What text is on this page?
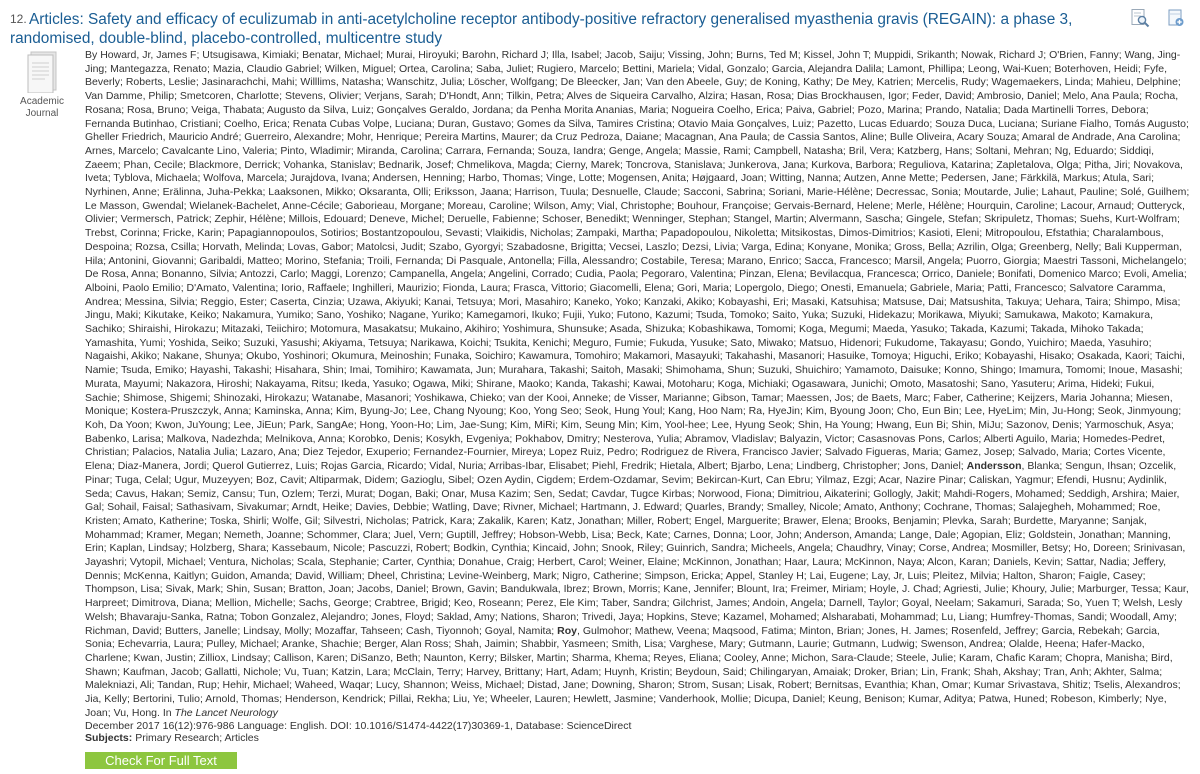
Articles: Safety and efficacy of eculizumab in anti-acetylcholine receptor antibody-positive refractory generalised myasthenia gravis (REGAIN): a phase 3, randomised, double-blind, placebo-controlled, multicentre study
12.
Academic Journal

By Howard, Jr, James F; Utsugisawa, Kimiaki; Benatar, Michael; Murai, Hiroyuki; Barohn, Richard J; Illa, Isabel; Jacob, Saiju; Vissing, John; Burns, Ted M; Kissel, John T; Muppidi, Srikanth; Nowak, Richard J; O'Brien, Fanny; Wang, Jing-Jing; Mantegazza, Renato; Mazia, Claudio Gabriel; Wilken, Miguel; Ortea, Carolina; Saba, Juliet; Rugiero, Marcelo; Bettini, Mariela; Vidal, Gonzalo; Garcia, Alejandra Dalila; Lamont, Phillipa; Leong, Wai-Kuen; Boterhoven, Heidi; Fyfe, Beverly; Roberts, Leslie; Jasinarachchi, Mahi; Willlims, Natasha; Wanschitz, Julia; Löscher, Wolfgang; De Bleecker, Jan; Van den Abeele, Guy; de Koning, Kathy; De Mey, Katrien; Mercelis, Rudy; Wagemaekers, Linda; Mahieu, Delphine; Van Damme, Philip; Smetcoren, Charlotte; Stevens, Olivier; Verjans, Sarah; D'Hondt, Ann; Tilkin, Petra; Alves de Siqueira Carvalho, Alzira; Hasan, Rosa; Dias Brockhausen, Igor; Feder, David; Ambrosio, Daniel; Melo, Ana Paula; Rocha, Rosana; Rosa, Bruno; Veiga, Thabata; Augusto da Silva, Luiz; Gonçalves Geraldo, Jordana; da Penha Morita Ananias, Maria; Nogueira Coelho, Erica; Paiva, Gabriel; Pozo, Marina; Prando, Natalia; Dada Martinelli Torres, Debora; Fernanda Butinhao, Cristiani; Coelho, Erica; Renata Cubas Volpe, Luciana; Duran, Gustavo; Gomes da Silva, Tamires Cristina; Otavio Maia Gonçalves, Luiz; Pazetto, Lucas Eduardo; Souza Duca, Luciana; Suriane Fialho, Tomás Augusto; Gheller Friedrich, Mauricio André; Guerreiro, Alexandre; Mohr, Henrique; Pereira Martins, Maurer; da Cruz Pedroza, Daiane; Macagnan, Ana Paula; de Cassia Santos, Aline; Bulle Oliveira, Acary Souza; Amaral de Andrade, Ana Carolina; Arnes, Marcelo; Cavalcante Lino, Valeria; Pinto, Wladimir; Miranda, Carolina; Carrara, Fernanda; Souza, Iandra; Genge, Angela; Massie, Rami; Campbell, Natasha; Bril, Vera; Katzberg, Hans; Soltani, Mehran; Ng, Eduardo; Siddiqi, Zaeem; Phan, Cecile; Blackmore, Derrick; Vohanka, Stanislav; Bednarik, Josef; Chmelikova, Magda; Cierny, Marek; Toncrova, Stanislava; Junkerova, Jana; Kurkova, Barbora; Reguliova, Katarina; Zapletalova, Olga; Pitha, Jiri; Novakova, Iveta; Tyblova, Michaela; Wolfova, Marcela; Jurajdova, Ivana; Andersen, Henning; Harbo, Thomas; Vinge, Lotte; Mogensen, Anita; Højgaard, Joan; Witting, Nanna; Autzen, Anne Mette; Pedersen, Jane; Färkkilä, Markus; Atula, Sari; Nyrhinen, Anne; Erälinna, Juha-Pekka; Laaksonen, Mikko; Oksaranta, Olli; Eriksson, Jaana; Harrison, Tuula; Desnuelle, Claude; Sacconi, Sabrina; Soriani, Marie-Hélène; Decressac, Sonia; Moutarde, Julie; Lahaut, Pauline; Solé, Guilhem; Le Masson, Gwendal; Wielanek-Bachelet, Anne-Cécile; Gaborieau, Morgane; Moreau, Caroline; Wilson, Amy; Vial, Christophe; Bouhour, Françoise; Gervais-Bernard, Helene; Merle, Hélène; Hourquin, Caroline; Lacour, Arnaud; Outteryck, Olivier; Vermersch, Patrick; Zephir, Hélène; Millois, Edouard; Deneve, Michel; Deruelle, Fabienne; Schoser, Benedikt; Wenninger, Stephan; Stangel, Martin; Alvermann, Sascha; Gingele, Stefan; Skripuletz, Thomas; Suehs, Kurt-Wolfram; Trebst, Corinna; Fricke, Karin; Papagiannopoulos, Sotirios; Bostantzopoulou, Sevasti; Vlaikidis, Nicholas; Zampaki, Martha; Papadopoulou, Nikoletta; Mitsikostas, Dimos-Dimitrios; Kasioti, Eleni; Mitropoulou, Efstathia; Charalambous, Despoina; Rozsa, Csilla; Horvath, Melinda; Lovas, Gabor; Matolcsi, Judit; Szabo, Gyorgyi; Szabadosne, Brigitta; Vecsei, Laszlo; Dezsi, Livia; Varga, Edina; Konyane, Monika; Gross, Bella; Azrilin, Olga; Greenberg, Nelly; Bali Kupperman, Hila; Antonini, Giovanni; Garibaldi, Matteo; Morino, Stefania; Troili, Fernanda; Di Pasquale, Antonella; Filla, Alessandro; Costabile, Teresa; Marano, Enrico; Sacca, Francesco; Marsil, Angela; Puorro, Giorgia; Maestri Tassoni, Michelangelo; De Rosa, Anna; Bonanno, Silvia; Antozzi, Carlo; Maggi, Lorenzo; Campanella, Angela; Angelini, Corrado; Cudia, Paola; Pegoraro, Valentina; Pinzan, Elena; Bevilacqua, Francesca; Orrico, Daniele; Bonifati, Domenico Marco; Evoli, Amelia; Alboini, Paolo Emilio; D'Amato, Valentina; Iorio, Raffaele; Inghilleri, Maurizio; Fionda, Laura; Frasca, Vittorio; Giacomelli, Elena; Gori, Maria; Lopergolo, Diego; Onesti, Emanuela; Gabriele, Maria; Patti, Francesco; Salvatore Caramma, Andrea; Messina, Silvia; Reggio, Ester; Caserta, Cinzia; Uzawa, Akiyuki; Kanai, Tetsuya; Mori, Masahiro; Kaneko, Yoko; Kanzaki, Akiko; Kobayashi, Eri; Masaki, Katsuhisa; Matsuse, Dai; Matsushita, Takuya; Uehara, Taira; Shimpo, Misa; Jingu, Maki; Kikutake, Keiko; Nakamura, Yumiko; Sano, Yoshiko; Nagane, Yuriko; Kamegamori, Ikuko; Fujii, Yuko; Futono, Kazumi; Tsuda, Tomoko; Saito, Yuka; Suzuki, Hidekazu; Morikawa, Miyuki; Samukawa, Makoto; Kamakura, Sachiko; Shiraishi, Hirokazu; Mitazaki, Teiichiro; Motomura, Masakatsu; Mukaino, Akihiro; Yoshimura, Shunsuke; Asada, Shizuka; Kobashikawa, Tomomi; Koga, Megumi; Maeda, Yasuko; Takada, Kazumi; Takada, Mihoko Takada; Yamashita, Yumi; Yoshida, Seiko; Suzuki, Yasushi; Akiyama, Tetsuya; Narikawa, Koichi; Tsukita, Kenichi; Meguro, Fumie; Fukuda, Yusuke; Sato, Miwako; Matsuo, Hidenori; Fukudome, Takayasu; Gondo, Yuichiro; Maeda, Yasuhiro; Nagaishi, Akiko; Nakane, Shunya; Okubo, Yoshinori; Okumura, Meinoshin; Funaka, Soichiro; Kawamura, Tomohiro; Makamori, Masayuki; Takahashi, Masanori; Hasuike, Tomoya; Higuchi, Eriko; Kobayashi, Hisako; Osakada, Kaori; Taichi, Namie; Tsuda, Emiko; Hayashi, Takashi; Hisahara, Shin; Imai, Tomihiro; Kawamata, Jun; Murahara, Takashi; Saitoh, Masaki; Shimohama, Shun; Suzuki, Shuichiro; Yamamoto, Daisuke; Konno, Shingo; Imamura, Tomomi; Inoue, Masashi; Murata, Mayumi; Nakazora, Hiroshi; Nakayama, Ritsu; Ikeda, Yasuko; Ogawa, Miki; Shirane, Maoko; Kanda, Takashi; Kawai, Motoharu; Koga, Michiaki; Ogasawara, Junichi; Omoto, Masatoshi; Sano, Yasuteru; Arima, Hideki; Fukui, Sachie; Shimose, Shigemi; Shinozaki, Hirokazu; Watanabe, Masanori; Yoshikawa, Chieko; van der Kooi, Anneke; de Visser, Marianne; Gibson, Tamar; Maessen, Jos; de Baets, Marc; Faber, Catherine; Keijzers, Maria Johanna; Miesen, Monique; Kostera-Pruszczyk, Anna; Kaminska, Anna; Kim, Byung-Jo; Lee, Chang Nyoung; Koo, Yong Seo; Seok, Hung Youl; Kang, Hoo Nam; Ra, HyeJin; Kim, Byoung Joon; Cho, Eun Bin; Lee, HyeLim; Min, Ju-Hong; Seok, Jinmyoung; Koh, Da Yoon; Kwon, JuYoung; Lee, JiEun; Park, SangAe; Hong, Yoon-Ho; Lim, Jae-Sung; Kim, MiRi; Kim, Seung Min; Kim, Yool-hee; Lee, Hyung Seok; Shin, Ha Young; Hwang, Eun Bi; Shin, MiJu; Sazonov, Denis; Yarmoschuk, Asya; Babenko, Larisa; Malkova, Nadezhda; Melnikova, Anna; Korobko, Denis; Kosykh, Evgeniya; Pokhabov, Dmitry; Nesterova, Yulia; Abramov, Vladislav; Balyazin, Victor; Casasnovas Pons, Carlos; Alberti Aguilo, Maria; Homedes-Pedret, Christian; Palacios, Natalia Julia; Lazaro, Ana; Diez Tejedor, Exuperio; Fernandez-Fournier, Mireya; Lopez Ruiz, Pedro; Rodriguez de Rivera, Francisco Javier; Salvado Figueras, Maria; Gamez, Josep; Salvado, Maria; Cortes Vicente, Elena; Diaz-Manera, Jordi; Querol Gutierrez, Luis; Rojas Garcia, Ricardo; Vidal, Nuria; Arribas-Ibar, Elisabet; Piehl, Fredrik; Hietala, Albert; Bjarbo, Lena; Lindberg, Christopher; Jons, Daniel; Andersson, Blanka; Sengun, Ihsan; Ozcelik, Pinar; Tuga, Celal; Ugur, Muzeyyen; Boz, Cavit; Altiparmak, Didem; Gazioglu, Sibel; Ozen Aydin, Cigdem; Erdem-Ozdamar, Sevim; Bekircan-Kurt, Can Ebru; Yilmaz, Ezgi; Acar, Nazire Pinar; Caliskan, Yagmur; Efendi, Husnu; Aydinlik, Seda; Cavus, Hakan; Semiz, Cansu; Tun, Ozlem; Terzi, Murat; Dogan, Baki; Onar, Musa Kazim; Sen, Sedat; Cavdar, Tugce Kirbas; Norwood, Fiona; Dimitriou, Aikaterini; Gollogly, Jakit; Mahdi-Rogers, Mohamed; Seddigh, Arshira; Maier, Gal; Sohail, Faisal; Sathasivam, Sivakumar; Arndt, Heike; Davies, Debbie; Watling, Dave; Rivner, Michael; Hartmann, J. Edward; Quarles, Brandy; Smalley, Nicole; Amato, Anthony; Cochrane, Thomas; Salajegheh, Mohammed; Roe, Kristen; Amato, Katherine; Toska, Shirli; Wolfe, Gil; Silvestri, Nicholas; Patrick, Kara; Zakalik, Karen; Katz, Jonathan; Miller, Robert; Engel, Marguerite; Brawer, Elena; Brooks, Benjamin; Plevka, Sarah; Burdette, Maryanne; Sanjak, Mohammad; Kramer, Megan; Nemeth, Joanne; Schommer, Clara; Juel, Vern; Guptill, Jeffrey; Hobson-Webb, Lisa; Beck, Kate; Carnes, Donna; Loor, John; Anderson, Amanda; Lange, Dale; Agopian, Eliz; Goldstein, Jonathan; Manning, Erin; Kaplan, Lindsay; Holzberg, Shara; Kassebaum, Nicole; Pascuzzi, Robert; Bodkin, Cynthia; Kincaid, John; Snook, Riley; Guinrich, Sandra; Micheels, Angela; Chaudhry, Vinay; Corse, Andrea; Mosmiller, Betsy; Ho, Doreen; Srinivasan, Jayashri; Vytopil, Michael; Ventura, Nicholas; Scala, Stephanie; Carter, Cynthia; Donahue, Craig; Herbert, Carol; Weiner, Elaine; McKinnon, Jonathan; Haar, Laura; McKinnon, Naya; Alcon, Karan; Daniels, Kevin; Sattar, Nadia; Jeffery, Dennis; McKenna, Kaitlyn; Guidon, Amanda; David, William; Dheel, Christina; Levine-Weinberg, Mark; Nigro, Catherine; Simpson, Ericka; Appel, Stanley H; Lai, Eugene; Lay, Jr, Luis; Pleitez, Milvia; Halton, Sharon; Faigle, Casey; Thompson, Lisa; Sivak, Mark; Shin, Susan; Bratton, Joan; Jacobs, Daniel; Brown, Gavin; Bandukwala, Ibrez; Brown, Morris; Kane, Jennifer; Blount, Ira; Freimer, Miriam; Hoyle, J. Chad; Agriesti, Julie; Khoury, Julie; Marburger, Tessa; Kaur, Harpreet; Dimitrova, Diana; Mellion, Michelle; Sachs, George; Crabtree, Brigid; Keo, Roseann; Perez, Ele Kim; Taber, Sandra; Gilchrist, James; Andoin, Angela; Darnell, Taylor; Goyal, Neelam; Sakamuri, Sarada; So, Yuen T; Welsh, Lesly Welsh; Bhavaraju-Sanka, Ratna; Tobon Gonzalez, Alejandro; Jones, Floyd; Saklad, Amy; Nations, Sharon; Trivedi, Jaya; Hopkins, Steve; Kazamel, Mohamed; Alsharabati, Mohammad; Lu, Liang; Humfrey-Thomas, Sandi; Woodall, Amy; Richman, David; Butters, Janelle; Lindsay, Molly; Mozaffar, Tahseen; Cash, Tiyonnoh; Goyal, Namita; Roy, Gulmohor; Mathew, Veena; Maqsood, Fatima; Minton, Brian; Jones, H. James; Rosenfeld, Jeffrey; Garcia, Rebekah; Garcia, Sonia; Echevarria, Laura; Pulley, Michael; Aranke, Shachie; Berger, Alan Ross; Shah, Jaimin; Shabbir, Yasmeen; Smith, Lisa; Varghese, Mary; Gutmann, Laurie; Gutmann, Ludwig; Swenson, Andrea; Olalde, Heena; Hafer-Macko, Charlene; Kwan, Justin; Zilliox, Lindsay; Callison, Karen; DiSanzo, Beth; Naunton, Kerry; Bilsker, Martin; Sharma, Khema; Reyes, Eliana; Cooley, Anne; Michon, Sara-Claude; Steele, Julie; Karam, Chafic Karam; Chopra, Manisha; Bird, Shawn; Kaufman, Jacob; Gallatti, Nichole; Vu, Tuan; Katzin, Lara; McClain, Terry; Harvey, Brittany; Hart, Adam; Huynh, Kristin; Beydoun, Said; Chilingaryan, Amaiak; Droker, Brian; Lin, Frank; Shah, Akshay; Tran, Anh; Akhter, Salma; Malekniazi, Ali; Tandan, Rup; Hehir, Michael; Waheed, Waqar; Lucy, Shannon; Weiss, Michael; Distad, Jane; Downing, Sharon; Strom, Susan; Lisak, Robert; Bernitsas, Evanthia; Khan, Omar; Kumar Srivastava, Shitiz; Tselis, Alexandros; Jia, Kelly; Bertorini, Tulio; Arnold, Thomas; Henderson, Kendrick; Pillai, Rekha; Liu, Ye; Wheeler, Lauren; Hewlett, Jasmine; Vanderhook, Mollie; Dicupa, Daniel; Keung, Benison; Kumar, Aditya; Patwa, Huned; Robeson, Kimberly; Nye, Joan; Vu, Hong. In The Lancet Neurology
December 2017 16(12):976-986 Language: English. DOI: 10.1016/S1474-4422(17)30369-1, Database: ScienceDirect

Subjects: Primary Research; Articles
Check For Full Text
